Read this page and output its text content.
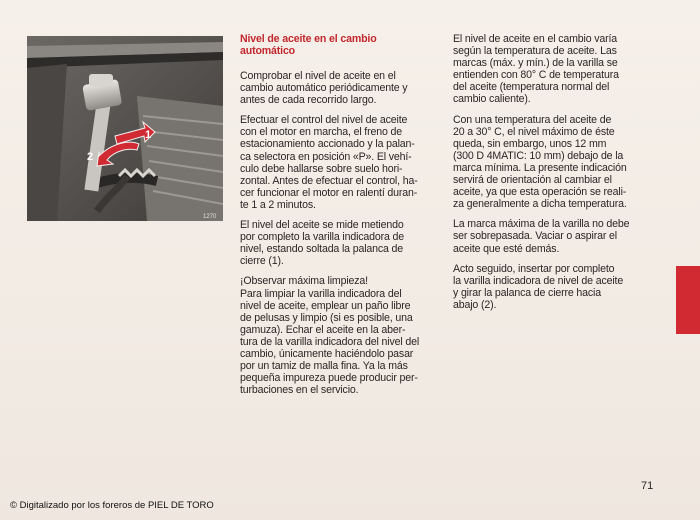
1
2
1270
Nivel de aceite en el cambio
automático

Comprobar el nivel de aceite en el
cambio automático periódicamente y
antes de cada recorrido largo.

Efectuar el control del nivel de aceite
con el motor en marcha, el freno de
estacionamiento accionado y la palan-
ca selectora en posición «P». El vehí-
culo debe hallarse sobre suelo hori-
zontal. Antes de efectuar el control, ha-
cer funcionar el motor en ralentí duran-
te 1 a 2 minutos.

El nivel del aceite se mide metiendo
por completo la varilla indicadora de
nivel, estando soltada la palanca de
cierre (1).

¡Observar máxima limpieza!
Para limpiar la varilla indicadora del
nivel de aceite, emplear un paño libre
de pelusas y limpio (si es posible, una
gamuza). Echar el aceite en la aber-
tura de la varilla indicadora del nivel del
cambio, únicamente haciéndolo pasar
por un tamiz de malla fina. Ya la más
pequeña impureza puede producir per-
turbaciones en el servicio.

El nivel de aceite en el cambio varía
según la temperatura de aceite. Las
marcas (máx. y mín.) de la varilla se
entienden con 80° C de temperatura
del aceite (temperatura normal del
cambio caliente).

Con una temperatura del aceite de
20 a 30° C, el nivel máximo de éste
queda, sin embargo, unos 12 mm
(300 D 4MATIC: 10 mm) debajo de la
marca mínima. La presente indicación
servirá de orientación al cambiar el
aceite, ya que esta operación se reali-
za generalmente a dicha temperatura.

La marca máxima de la varilla no debe
ser sobrepasada. Vaciar o aspirar el
aceite que esté demás.

Acto seguido, insertar por completo
la varilla indicadora de nivel de aceite
y girar la palanca de cierre hacia
abajo (2).

71
© Digitalizado por los foreros de PIEL DE TORO
